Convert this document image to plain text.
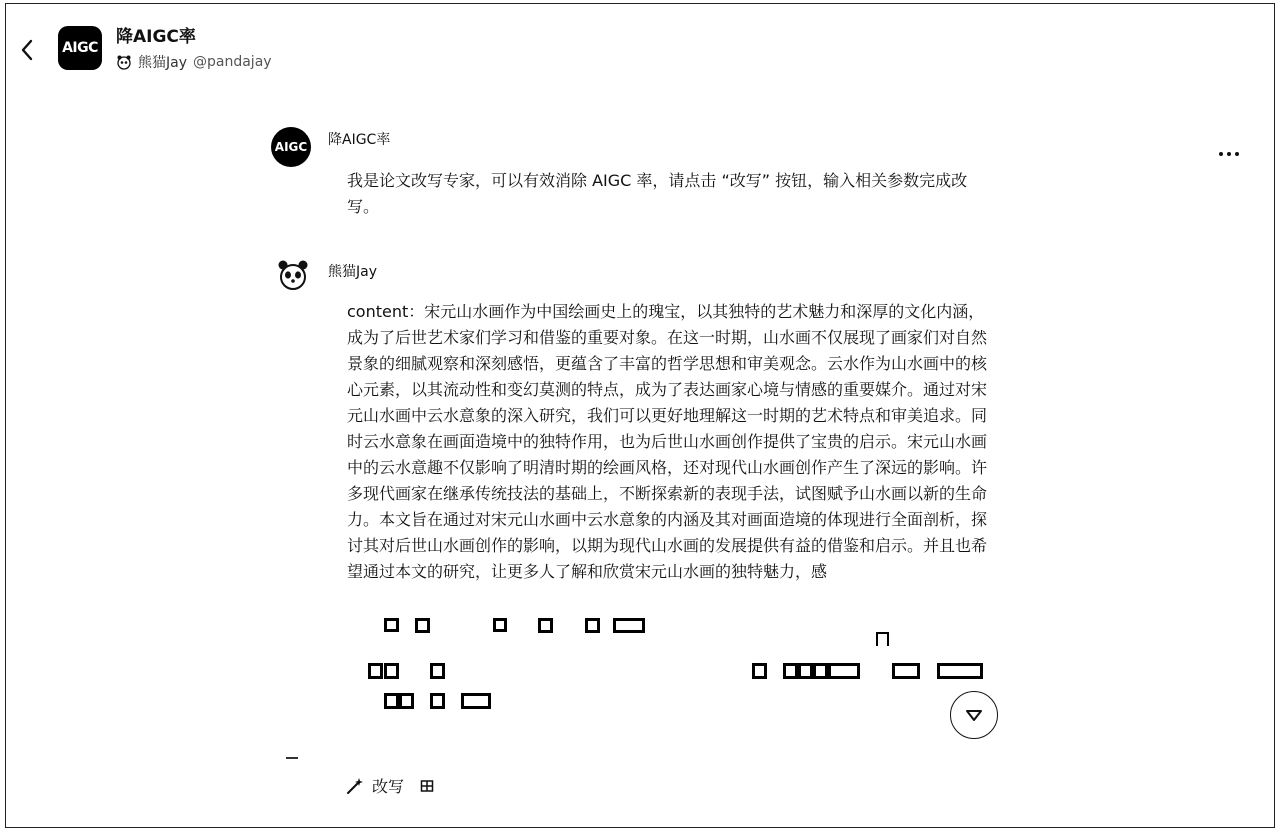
AIGC
降AIGC率
熊猫Jay @pandajay
AIGC 降AIGC率
我是论文改写专家，可以有效消除 AIGC 率，请点击 “改写” 按钮，输入相关参数完成改写。
熊猫Jay
content：宋元山水画作为中国绘画史上的瑰宝，以其独特的艺术魅力和深厚的文化内涵，成为了后世艺术家们学习和借鉴的重要对象。在这一时期，山水画不仅展现了画家们对自然景象的细腻观察和深刻感悟，更蕴含了丰富的哲学思想和审美观念。云水作为山水画中的核心元素，以其流动性和变幻莫测的特点，成为了表达画家心境与情感的重要媒介。通过对宋元山水画中云水意象的深入研究，我们可以更好地理解这一时期的艺术特点和审美追求。同时云水意象在画面造境中的独特作用，也为后世山水画创作提供了宝贵的启示。宋元山水画中的云水意趣不仅影响了明清时期的绘画风格，还对现代山水画创作产生了深远的影响。许多现代画家在继承传统技法的基础上，不断探索新的表现手法，试图赋予山水画以新的生命力。本文旨在通过对宋元山水画中云水意象的内涵及其对画面造境的体现进行全面剖析，探讨其对后世山水画创作的影响，以期为现代山水画的发展提供有益的借鉴和启示。并且也希望通过本文的研究，让更多人了解和欣赏宋元山水画的独特魅力，感
改写
